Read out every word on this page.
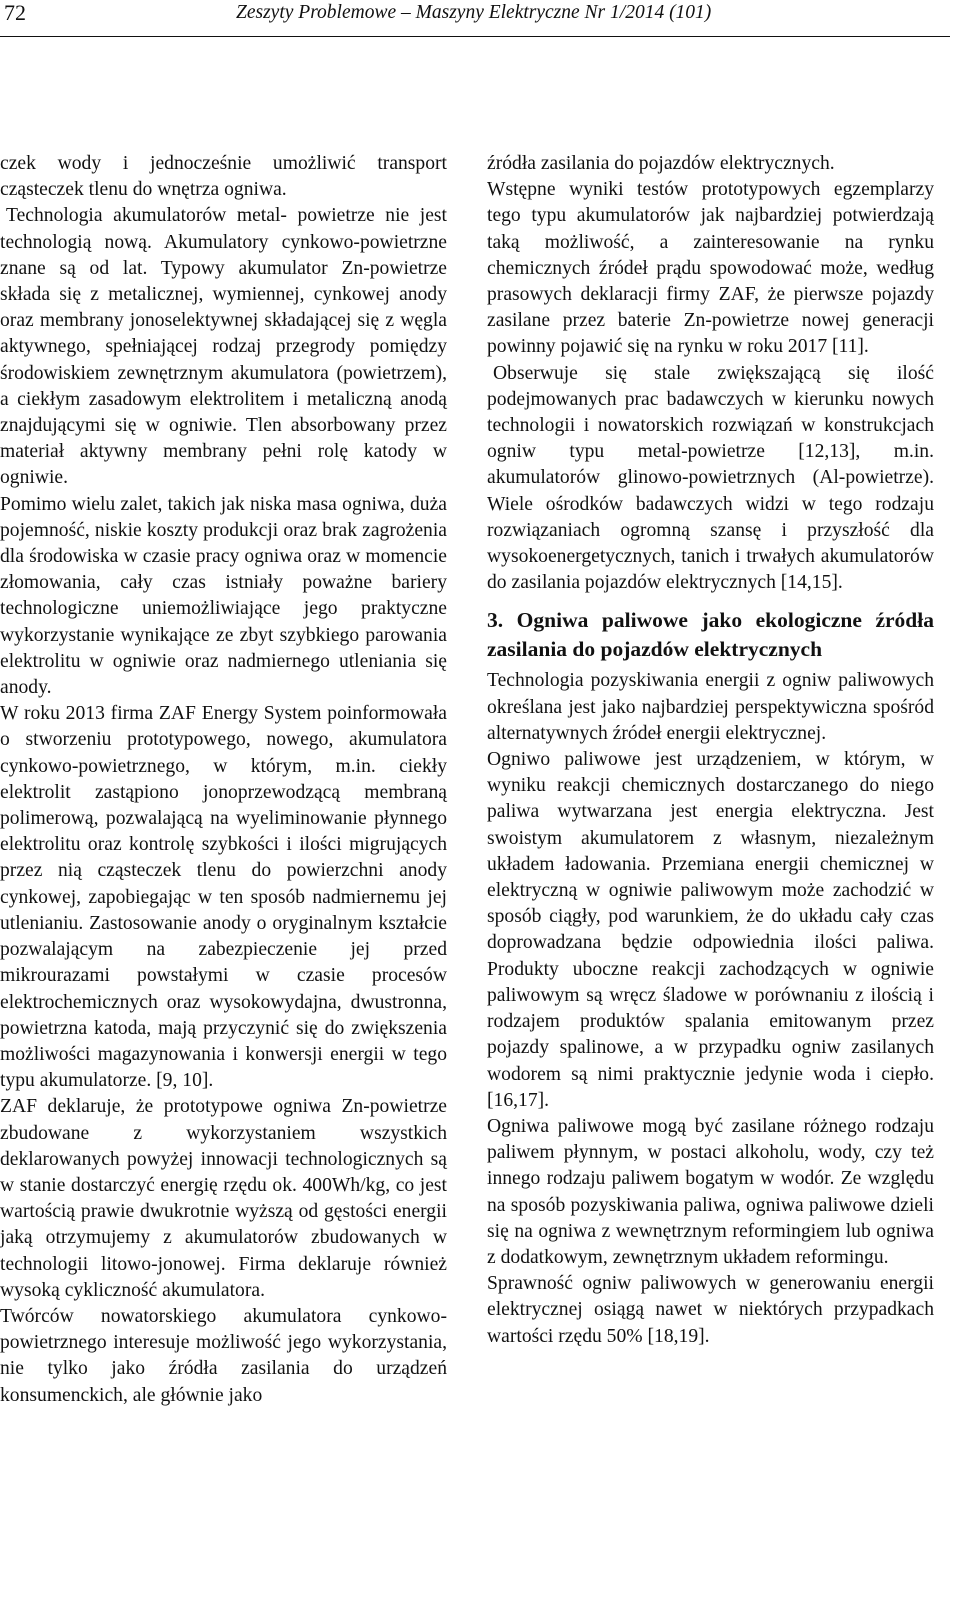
72	Zeszyty Problemowe – Maszyny Elektryczne Nr 1/2014 (101)

czek wody i jednocześnie umożliwić transport cząsteczek tlenu do wnętrza ogniwa.

Technologia akumulatorów metal- powietrze nie jest technologią nową. Akumulatory cynkowo-powietrzne znane są od lat. Typowy akumulator Zn-powietrze składa się z metalicznej, wymiennej, cynkowej anody oraz membrany jonoselektywnej składającej się z węgla aktywnego, spełniającej rodzaj przegrody pomiędzy środowiskiem zewnętrznym akumulatora (powietrzem), a ciekłym zasadowym elektrolitem i metaliczną anodą znajdującymi się w ogniwie. Tlen absorbowany przez materiał aktywny membrany pełni rolę katody w ogniwie.

Pomimo wielu zalet, takich jak niska masa ogniwa, duża pojemność, niskie koszty produkcji oraz brak zagrożenia dla środowiska w czasie pracy ogniwa oraz w momencie złomowania, cały czas istniały poważne bariery technologiczne uniemożliwiające jego praktyczne wykorzystanie wynikające ze zbyt szybkiego parowania elektrolitu w ogniwie oraz nadmiernego utleniania się anody.

W roku 2013 firma ZAF Energy System poinformowała o stworzeniu prototypowego, nowego, akumulatora cynkowo-powietrznego, w którym, m.in. ciekły elektrolit zastąpiono jonoprzewodzącą membraną polimerową, pozwalającą na wyeliminowanie płynnego elektrolitu oraz kontrolę szybkości i ilości migrujących przez nią cząsteczek tlenu do powierzchni anody cynkowej, zapobiegając w ten sposób nadmiernemu jej utlenianiu. Zastosowanie anody o oryginalnym kształcie pozwalającym na zabezpieczenie jej przed mikrourazami powstałymi w czasie procesów elektrochemicznych oraz wysokowydajna, dwustronna, powietrzna katoda, mają przyczynić się do zwiększenia możliwości magazynowania i konwersji energii w tego typu akumulatorze. [9, 10].

ZAF deklaruje, że prototypowe ogniwa Zn-powietrze zbudowane z wykorzystaniem wszystkich deklarowanych powyżej innowacji technologicznych są w stanie dostarczyć energię rzędu ok. 400Wh/kg, co jest wartością prawie dwukrotnie wyższą od gęstości energii jaką otrzymujemy z akumulatorów zbudowanych w technologii litowo-jonowej. Firma deklaruje również wysoką cykliczność akumulatora.

Twórców nowatorskiego akumulatora cynkowo-powietrznego interesuje możliwość jego wykorzystania, nie tylko jako źródła zasilania do urządzeń konsumenckich, ale głównie jako

źródła zasilania do pojazdów elektrycznych.

Wstępne wyniki testów prototypowych egzemplarzy tego typu akumulatorów jak najbardziej potwierdzają taką możliwość, a zainteresowanie na rynku chemicznych źródeł prądu spowodować może, według prasowych deklaracji firmy ZAF, że pierwsze pojazdy zasilane przez baterie Zn-powietrze nowej generacji powinny pojawić się na rynku w roku 2017 [11].

Obserwuje się stale zwiększającą się ilość podejmowanych prac badawczych w kierunku nowych technologii i nowatorskich rozwiązań w konstrukcjach ogniw typu metal-powietrze [12,13], m.in. akumulatorów glinowo-powietrznych (Al-powietrze). Wiele ośrodków badawczych widzi w tego rodzaju rozwiązaniach ogromną szansę i przyszłość dla wysokoenergetycznych, tanich i trwałych akumulatorów do zasilania pojazdów elektrycznych [14,15].

3. Ogniwa paliwowe jako ekologiczne źródła zasilania do pojazdów elektrycznych

Technologia pozyskiwania energii z ogniw paliwowych określana jest jako najbardziej perspektywiczna spośród alternatywnych źródeł energii elektrycznej.

Ogniwo paliwowe jest urządzeniem, w którym, w wyniku reakcji chemicznych dostarczanego do niego paliwa wytwarzana jest energia elektryczna. Jest swoistym akumulatorem z własnym, niezależnym układem ładowania. Przemiana energii chemicznej w elektryczną w ogniwie paliwowym może zachodzić w sposób ciągły, pod warunkiem, że do układu cały czas doprowadzana będzie odpowiednia ilości paliwa. Produkty uboczne reakcji zachodzących w ogniwie paliwowym są wręcz śladowe w porównaniu z ilością i rodzajem produktów spalania emitowanym przez pojazdy spalinowe, a w przypadku ogniw zasilanych wodorem są nimi praktycznie jedynie woda i ciepło. [16,17].

Ogniwa paliwowe mogą być zasilane różnego rodzaju paliwem płynnym, w postaci alkoholu, wody, czy też innego rodzaju paliwem bogatym w wodór. Ze względu na sposób pozyskiwania paliwa, ogniwa paliwowe dzieli się na ogniwa z wewnętrznym reformingiem lub ogniwa z dodatkowym, zewnętrznym układem reformingu.

Sprawność ogniw paliwowych w generowaniu energii elektrycznej osiągą nawet w niektórych przypadkach wartości rzędu 50% [18,19].
